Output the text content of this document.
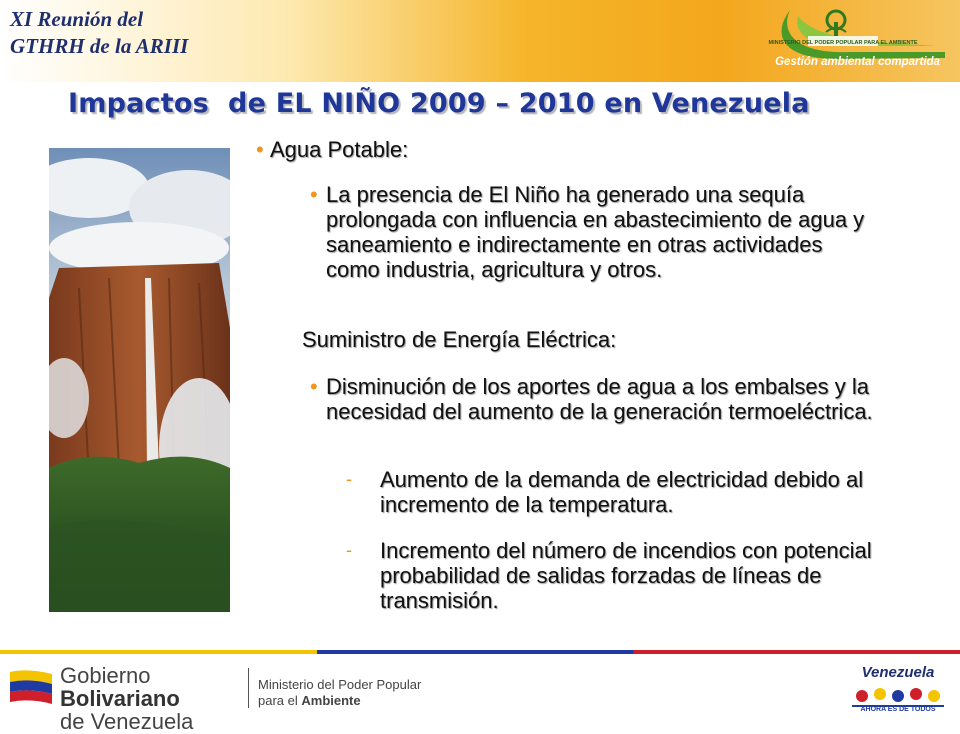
XI Reunión del
GTHRH de la ARIII	MINISTERIO DEL PODER POPULAR PARA EL AMBIENTE
Gestión ambiental compartida
Impactos  de EL NIÑO 2009 – 2010 en Venezuela
• Agua Potable:
• La presencia de El Niño ha generado una sequía prolongada con influencia en abastecimiento de agua y saneamiento e indirectamente en otras actividades como industria, agricultura y otros.
Suministro de Energía Eléctrica:
• Disminución de los aportes de agua a los embalses y la necesidad del aumento de la generación termoeléctrica.
- Aumento de la demanda de electricidad debido al incremento de la temperatura.
- Incremento del número de incendios con potencial probabilidad de salidas forzadas de líneas de transmisión.
Gobierno Bolivariano
de Venezuela
Ministerio del Poder Popular
para el Ambiente
Venezuela
AHORA ES DE TODOS
